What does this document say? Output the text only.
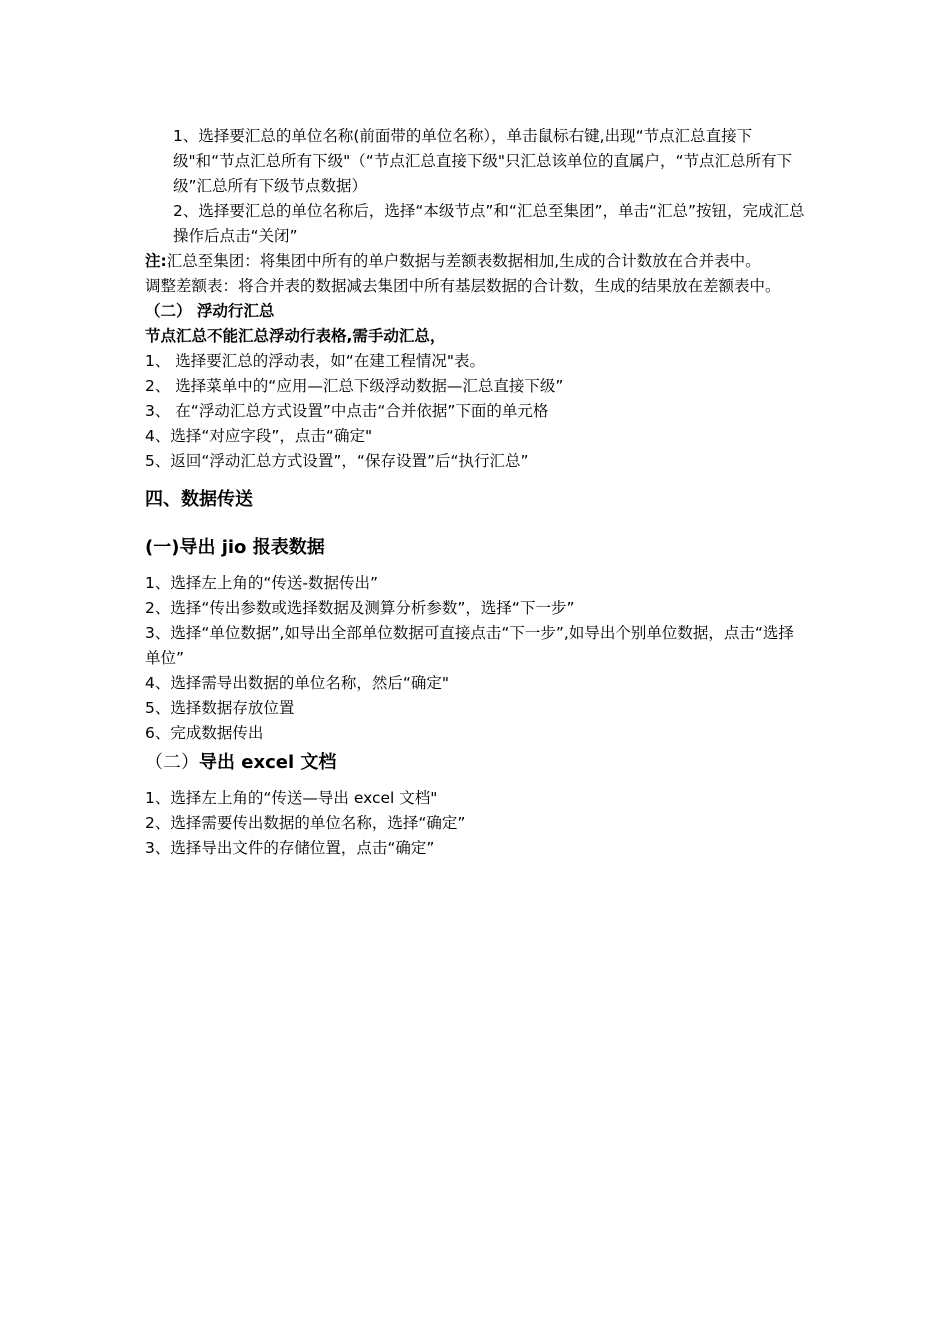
1、选择要汇总的单位名称(前面带的单位名称），单击鼠标右键,出现“节点汇总直接下级"和“节点汇总所有下级"（“节点汇总直接下级"只汇总该单位的直属户，“节点汇总所有下级”汇总所有下级节点数据）

2、选择要汇总的单位名称后，选择“本级节点”和“汇总至集团”，单击“汇总”按钮，完成汇总操作后点击“关闭”

注:汇总至集团：将集团中所有的单户数据与差额表数据相加,生成的合计数放在合并表中。

调整差额表：将合并表的数据减去集团中所有基层数据的合计数，生成的结果放在差额表中。

（二） 浮动行汇总

节点汇总不能汇总浮动行表格,需手动汇总，

1、 选择要汇总的浮动表，如“在建工程情况"表。

2、 选择菜单中的“应用—汇总下级浮动数据—汇总直接下级”

3、 在“浮动汇总方式设置”中点击“合并依据”下面的单元格

4、选择“对应字段”，点击“确定"

5、返回“浮动汇总方式设置”，“保存设置”后“执行汇总”

四、数据传送
(一)导出 jio 报表数据

1、选择左上角的“传送-数据传出”

2、选择“传出参数或选择数据及测算分析参数”，选择“下一步”

3、选择“单位数据”,如导出全部单位数据可直接点击“下一步”,如导出个别单位数据，点击“选择单位”

4、选择需导出数据的单位名称，然后“确定"

5、选择数据存放位置

6、完成数据传出

（二）导出 excel 文档

1、选择左上角的“传送—导出 excel 文档"

2、选择需要传出数据的单位名称，选择“确定”

3、选择导出文件的存储位置，点击“确定”
